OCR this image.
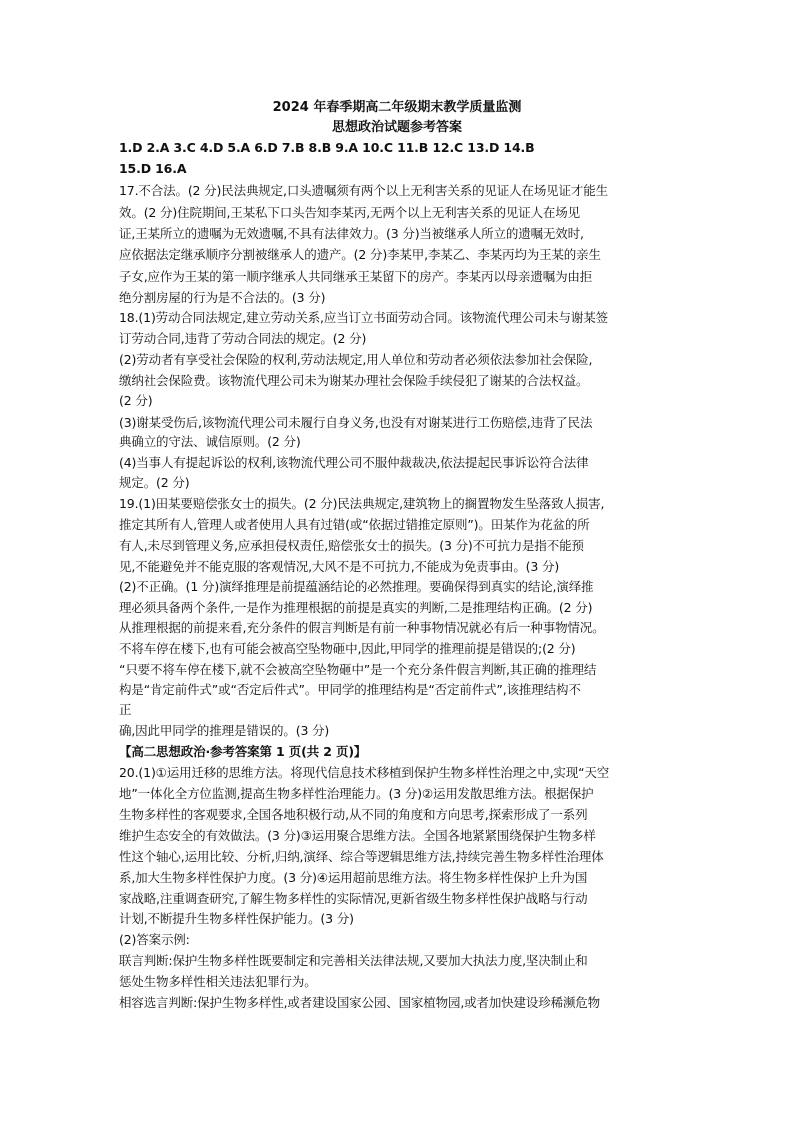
2024 年春季期高二年级期末教学质量监测
思想政治试题参考答案
1.D 2.A 3.C 4.D 5.A 6.D 7.B 8.B 9.A 10.C 11.B 12.C 13.D 14.B
15.D 16.A
17.不合法。(2 分)民法典规定,口头遗嘱须有两个以上无利害关系的见证人在场见证才能生
效。(2 分)住院期间,王某私下口头告知李某丙,无两个以上无利害关系的见证人在场见
证,王某所立的遗嘱为无效遗嘱,不具有法律效力。(3 分)当被继承人所立的遗嘱无效时,
应依据法定继承顺序分割被继承人的遗产。(2 分)李某甲,李某乙、李某丙均为王某的亲生
子女,应作为王某的第一顺序继承人共同继承王某留下的房产。李某丙以母亲遗嘱为由拒
绝分割房屋的行为是不合法的。(3 分)
18.(1)劳动合同法规定,建立劳动关系,应当订立书面劳动合同。该物流代理公司未与谢某签
订劳动合同,违背了劳动合同法的规定。(2 分)
(2)劳动者有享受社会保险的权利,劳动法规定,用人单位和劳动者必须依法参加社会保险,
缴纳社会保险费。该物流代理公司未为谢某办理社会保险手续侵犯了谢某的合法权益。
(2 分)
(3)谢某受伤后,该物流代理公司未履行自身义务,也没有对谢某进行工伤赔偿,违背了民法
典确立的守法、诚信原则。(2 分)
(4)当事人有提起诉讼的权利,该物流代理公司不服仲裁裁决,依法提起民事诉讼符合法律
规定。(2 分)
19.(1)田某要赔偿张女士的损失。(2 分)民法典规定,建筑物上的搁置物发生坠落致人损害,
推定其所有人,管理人或者使用人具有过错(或“依据过错推定原则”)。田某作为花盆的所
有人,未尽到管理义务,应承担侵权责任,赔偿张女士的损失。(3 分)不可抗力是指不能预
见,不能避免并不能克服的客观情况,大风不是不可抗力,不能成为免责事由。(3 分)
(2)不正确。(1 分)演绎推理是前提蕴涵结论的必然推理。要确保得到真实的结论,演绎推
理必须具备两个条件,一是作为推理根据的前提是真实的判断,二是推理结构正确。(2 分)
从推理根据的前提来看,充分条件的假言判断是有前一种事物情况就必有后一种事物情况。
不将车停在楼下,也有可能会被高空坠物砸中,因此,甲同学的推理前提是错误的;(2 分)
“只要不将车停在楼下,就不会被高空坠物砸中”是一个充分条件假言判断,其正确的推理结
构是“肯定前件式”或“否定后件式”。甲同学的推理结构是“否定前件式”,该推理结构不
正
确,因此甲同学的推理是错误的。(3 分)
【高二思想政治·参考答案第 1 页(共 2 页)】
20.(1)①运用迁移的思维方法。将现代信息技术移植到保护生物多样性治理之中,实现“天空
地”一体化全方位监测,提高生物多样性治理能力。(3 分)②运用发散思维方法。根据保护
生物多样性的客观要求,全国各地积极行动,从不同的角度和方向思考,探索形成了一系列
维护生态安全的有效做法。(3 分)③运用聚合思维方法。全国各地紧紧围绕保护生物多样
性这个轴心,运用比较、分析,归纳,演绎、综合等逻辑思维方法,持续完善生物多样性治理体
系,加大生物多样性保护力度。(3 分)④运用超前思维方法。将生物多样性保护上升为国
家战略,注重调查研究,了解生物多样性的实际情况,更新省级生物多样性保护战略与行动
计划,不断提升生物多样性保护能力。(3 分)
(2)答案示例:
联言判断:保护生物多样性既要制定和完善相关法律法规,又要加大执法力度,坚决制止和
惩处生物多样性相关违法犯罪行为。
相容选言判断:保护生物多样性,或者建设国家公园、国家植物园,或者加快建设珍稀濒危物
